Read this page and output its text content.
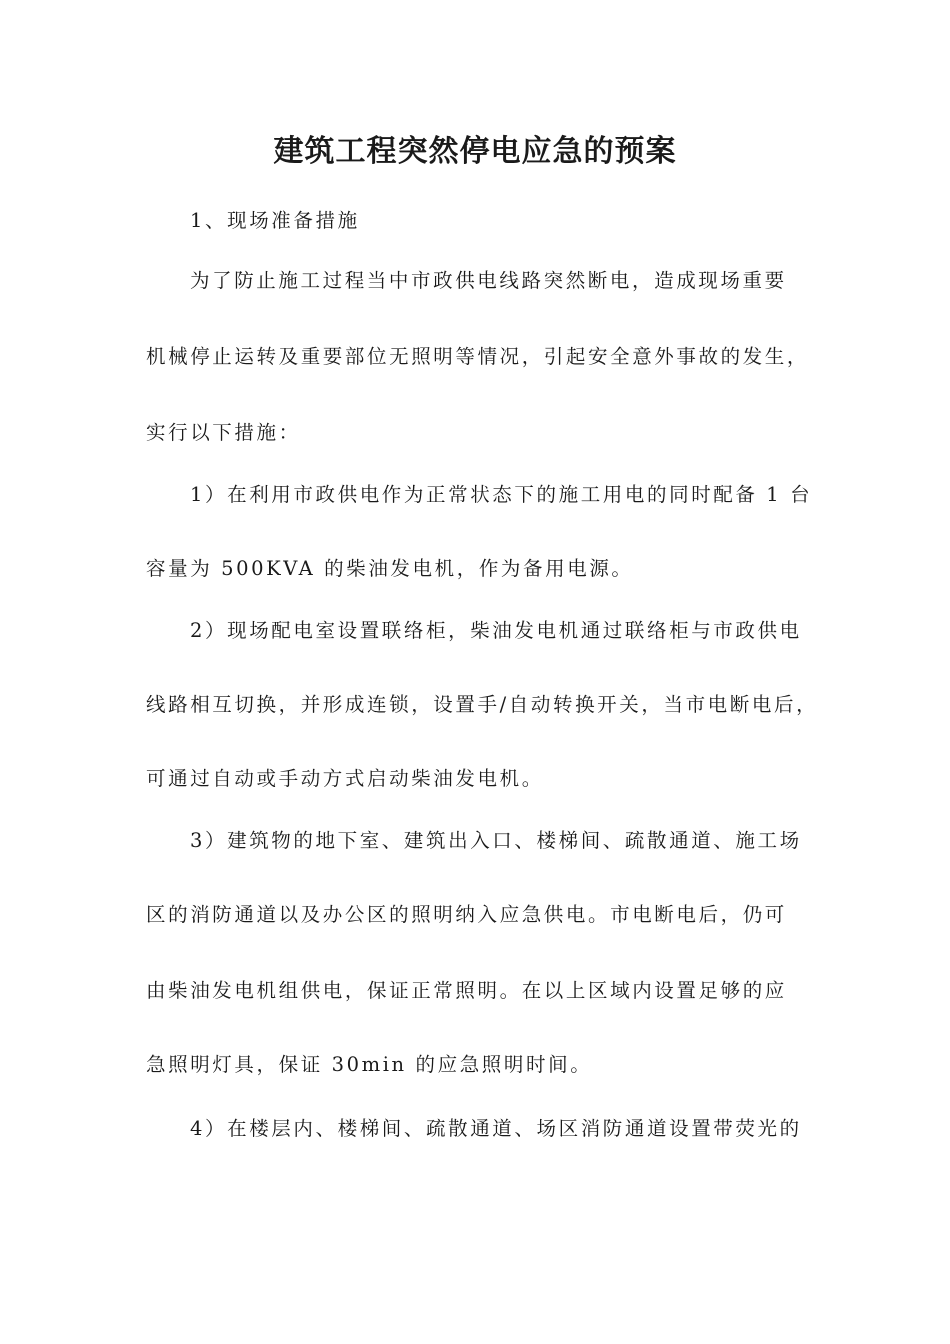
建筑工程突然停电应急的预案
1、现场准备措施
为了防止施工过程当中市政供电线路突然断电，造成现场重要
机械停止运转及重要部位无照明等情况，引起安全意外事故的发生，
实行以下措施：
1）在利用市政供电作为正常状态下的施工用电的同时配备 1 台
容量为 500KVA 的柴油发电机，作为备用电源。
2）现场配电室设置联络柜，柴油发电机通过联络柜与市政供电
线路相互切换，并形成连锁，设置手/自动转换开关，当市电断电后，
可通过自动或手动方式启动柴油发电机。
3）建筑物的地下室、建筑出入口、楼梯间、疏散通道、施工场
区的消防通道以及办公区的照明纳入应急供电。市电断电后，仍可
由柴油发电机组供电，保证正常照明。在以上区域内设置足够的应
急照明灯具，保证 30min 的应急照明时间。
4）在楼层内、楼梯间、疏散通道、场区消防通道设置带荧光的
